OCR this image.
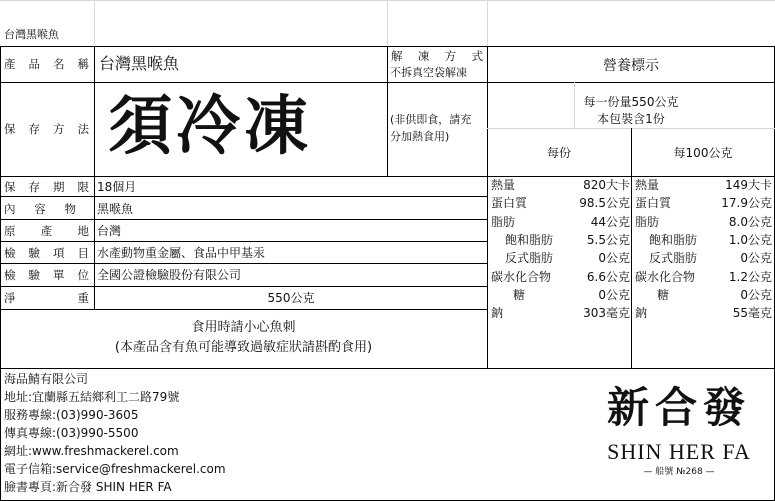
台灣黑喉魚
產 品 名 稱 台灣黑喉魚	解 凍 方 式
不拆真空袋解凍
保 存 方 法 須冷凍	(非供即食，請充
分加熱食用)
保 存 期 限 18個月
內 容 物 黑喉魚
原 產 地 台灣
檢 驗 項 目 水產動物重金屬、食品中甲基汞
檢 驗 單 位 全國公證檢驗股份有限公司
淨	重	550公克
食用時請小心魚刺
(本產品含有魚可能導致過敏症狀請斟酌食用)
營養標示
每一份量550公克
本包裝含1份
每份	每100公克
熱量	820大卡 熱量	149大卡
蛋白質	98.5公克 蛋白質	17.9公克
脂肪	44公克 脂肪	8.0公克
飽和脂肪	5.5公克 飽和脂肪	1.0公克
反式脂肪	0公克 反式脂肪	0公克
碳水化合物	6.6公克 碳水化合物	1.2公克
糖	0公克 糖	0公克
鈉	303毫克 鈉	55毫克
海品鯖有限公司
地址:宜蘭縣五結鄉利工二路79號
服務專線:(03)990-3605
傳真專線:(03)990-5500
網址:www.freshmackerel.com
電子信箱:service@freshmackerel.com
臉書專頁:新合發 SHIN HER FA
新合發
SHIN HER FA
— 船號 №268 —
